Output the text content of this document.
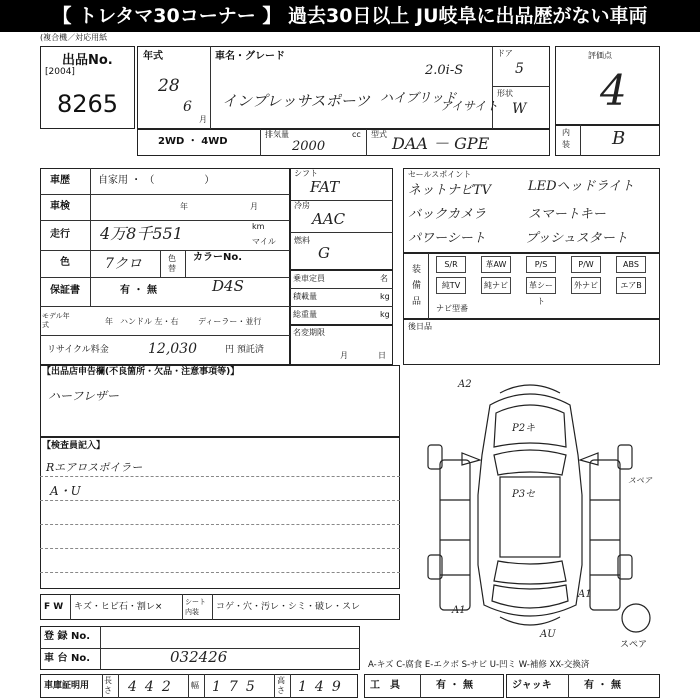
【 トレタマ30コーナー 】 過去30日以上 JU岐阜に出品歴がない車両
(複合機／対応用紙
出品No.
[2004]
8265
年式
28
6
月
車名・グレード
2.0i-S
インプレッサスポーツ ハイブリッド
アイサイト
ドア
5
形状
W
評価点
4
内装 B
2WD ・ 4WD
排気量	cc
2000
型式 DAA － GPE
車歴	自家用 ・ （　　　　　）
車検	年	月
走行 4万8千551	km
マイル
色	7クロ	色替
カラーNo.
D4S
保証書	有 ・ 無
モデル年式	年 ハンドル 左・右 ディーラー・並行
リサイクル料金	12,030	円 預託済
シフト
FAT
冷房
AAC
燃料
G
乗車定員	名
積載量	kg
総重量	kg
名変期限
月	日
セールスポイント
ネットナビTV	LEDヘッドライト
バックカメラ	スマートキー
パワーシート	プッシュスタート
装備品
S/R	革AW	P/S	P/W	ABS
純TV	純ナビ	革シート
外ナビ	エアB
ナビ型番
後日品
【出品店申告欄(不良箇所・欠品・注意事項等)】
ハーフレザー
【検査員記入】
Rエアロスポイラー
A・U
A2
P2キ
P3セ
スペア
A1
A1
AU
スペア
F W キズ・ヒビ石・割レ×	シート内装	コゲ・穴・汚レ・シミ・破レ・スレ
登 録 No.
車 台 No.	032426	A-キズ C-腐食 E-エクボ S-サビ U-凹ミ W-補修 XX-交換済
車庫証明用
長さ 442 幅 175 高さ 149 工　具	有 ・ 無	ジャッキ	有 ・ 無
